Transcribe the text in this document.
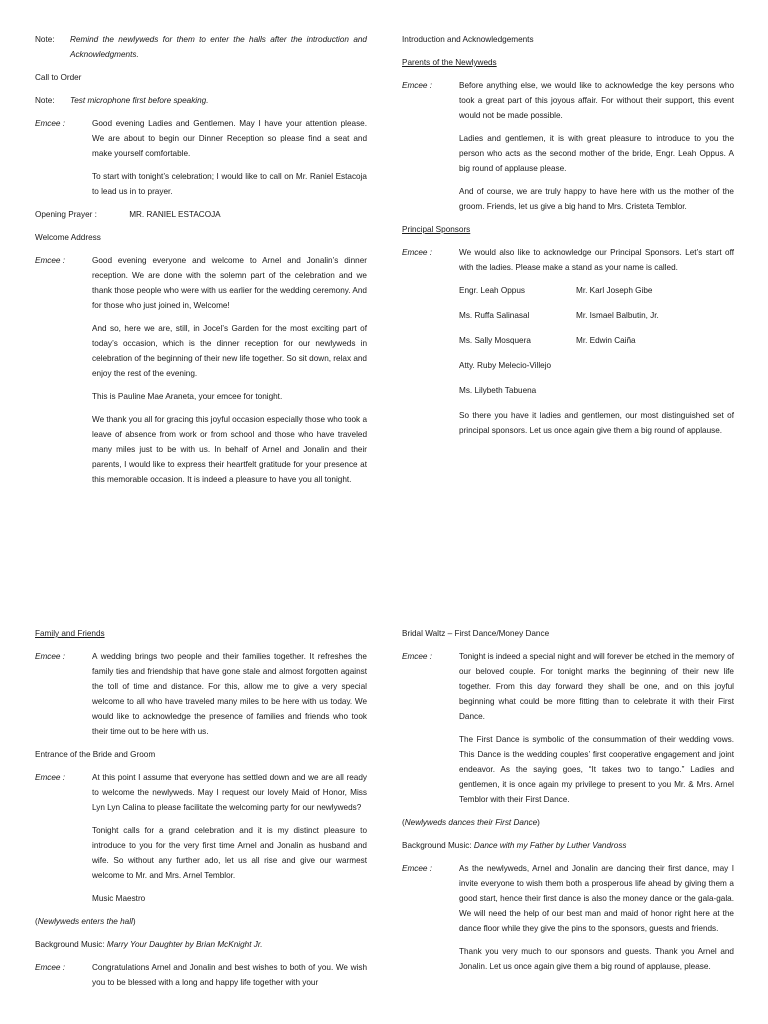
Note:	Remind the newlyweds for them to enter the halls after the introduction and Acknowledgments.
Call to Order
Note:	Test microphone first before speaking.
Emcee :	Good evening Ladies and Gentlemen. May I have your attention please. We are about to begin our Dinner Reception so please find a seat and make yourself comfortable.
To start with tonight’s celebration; I would like to call on Mr. Raniel Estacoja to lead us in to prayer.
Opening Prayer :	MR. RANIEL ESTACOJA
Welcome Address
Emcee :	Good evening everyone and welcome to Arnel and Jonalin’s dinner reception. We are done with the solemn part of the celebration and we thank those people who were with us earlier for the wedding ceremony. And for those who just joined in, Welcome!
And so, here we are, still, in Jocel’s Garden for the most exciting part of today’s occasion, which is the dinner reception for our newlyweds in celebration of the beginning of their new life together. So sit down, relax and enjoy the rest of the evening.
This is Pauline Mae Araneta, your emcee for tonight.
We thank you all for gracing this joyful occasion especially those who took a leave of absence from work or from school and those who have traveled many miles just to be with us. In behalf of Arnel and Jonalin and their parents, I would like to express their heartfelt gratitude for your presence at this memorable occasion. It is indeed a pleasure to have you all tonight.
Introduction and Acknowledgements
Parents of the Newlyweds
Emcee :	Before anything else, we would like to acknowledge the key persons who took a great part of this joyous affair. For without their support, this event would not be made possible.
Ladies and gentlemen, it is with great pleasure to introduce to you the person who acts as the second mother of the bride, Engr. Leah Oppus. A big round of applause please.
And of course, we are truly happy to have here with us the mother of the groom. Friends, let us give a big hand to Mrs. Cristeta Temblor.
Principal Sponsors
Emcee :	We would also like to acknowledge our Principal Sponsors. Let’s start off with the ladies. Please make a stand as your name is called.
Engr. Leah Oppus	Mr. Karl Joseph Gibe
Ms. Ruffa Salinasal	Mr. Ismael Balbutin, Jr.
Ms. Sally Mosquera	Mr. Edwin Caiña
Atty. Ruby Melecio-Villejo
Ms. Lilybeth Tabuena
So there you have it ladies and gentlemen, our most distinguished set of principal sponsors. Let us once again give them a big round of applause.
Family and Friends
Emcee :	A wedding brings two people and their families together. It refreshes the family ties and friendship that have gone stale and almost forgotten against the toll of time and distance. For this, allow me to give a very special welcome to all who have traveled many miles to be here with us today. We would like to acknowledge the presence of families and friends who took their time out to be here with us.
Entrance of the Bride and Groom
Emcee :	At this point I assume that everyone has settled down and we are all ready to welcome the newlyweds. May I request our lovely Maid of Honor, Miss Lyn Lyn Calina to please facilitate the welcoming party for our newlyweds?
Tonight calls for a grand celebration and it is my distinct pleasure to introduce to you for the very first time Arnel and Jonalin as husband and wife. So without any further ado, let us all rise and give our warmest welcome to Mr. and Mrs. Arnel Temblor.
Music Maestro
(Newlyweds enters the hall)
Background Music: Marry Your Daughter by Brian McKnight Jr.
Emcee :	Congratulations Arnel and Jonalin and best wishes to both of you. We wish you to be blessed with a long and happy life together with your
Bridal Waltz – First Dance/Money Dance
Emcee :	Tonight is indeed a special night and will forever be etched in the memory of our beloved couple. For tonight marks the beginning of their new life together. From this day forward they shall be one, and on this joyful beginning what could be more fitting than to celebrate it with their First Dance.
The First Dance is symbolic of the consummation of their wedding vows. This Dance is the wedding couples’ first cooperative engagement and joint endeavor. As the saying goes, “It takes two to tango.” Ladies and gentlemen, it is once again my privilege to present to you Mr. & Mrs. Arnel Temblor with their First Dance.
(Newlyweds dances their First Dance)
Background Music: Dance with my Father by Luther Vandross
Emcee :	As the newlyweds, Arnel and Jonalin are dancing their first dance, may I invite everyone to wish them both a prosperous life ahead by giving them a good start, hence their first dance is also the money dance or the gala-gala. We will need the help of our best man and maid of honor right here at the dance floor while they give the pins to the sponsors, guests and friends.
Thank you very much to our sponsors and guests. Thank you Arnel and Jonalin. Let us once again give them a big round of applause, please.
